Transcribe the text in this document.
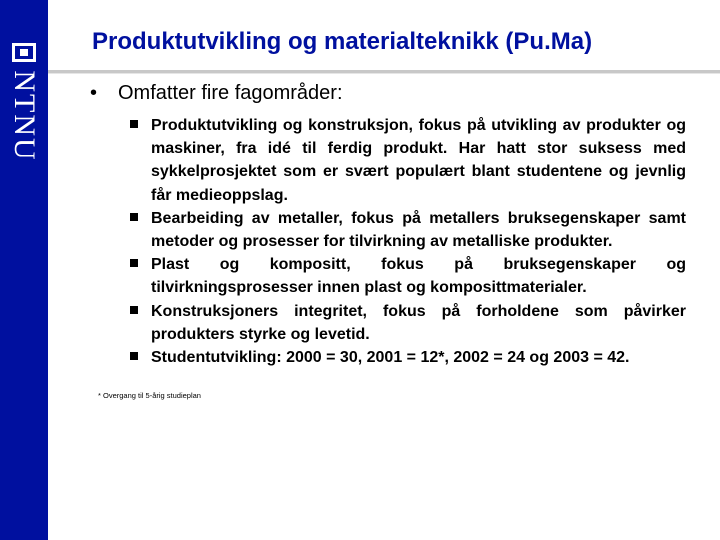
NTNU
Produktutvikling og materialteknikk (Pu.Ma)
• Omfatter fire fagområder:
Produktutvikling og konstruksjon, fokus på utvikling av produkter og maskiner, fra idé til ferdig produkt. Har hatt stor suksess med sykkelprosjektet som er svært populært blant studentene og jevnlig får medieoppslag.
Bearbeiding av metaller, fokus på metallers bruksegenskaper samt metoder og prosesser for tilvirkning av metalliske produkter.
Plast og kompositt, fokus på bruksegenskaper og tilvirkningsprosesser innen plast og komposittmaterialer.
Konstruksjoners integritet, fokus på forholdene som påvirker produkters styrke og levetid.
Studentutvikling: 2000 = 30, 2001 = 12*, 2002 = 24 og 2003 = 42.
* Overgang til 5-årig studieplan
